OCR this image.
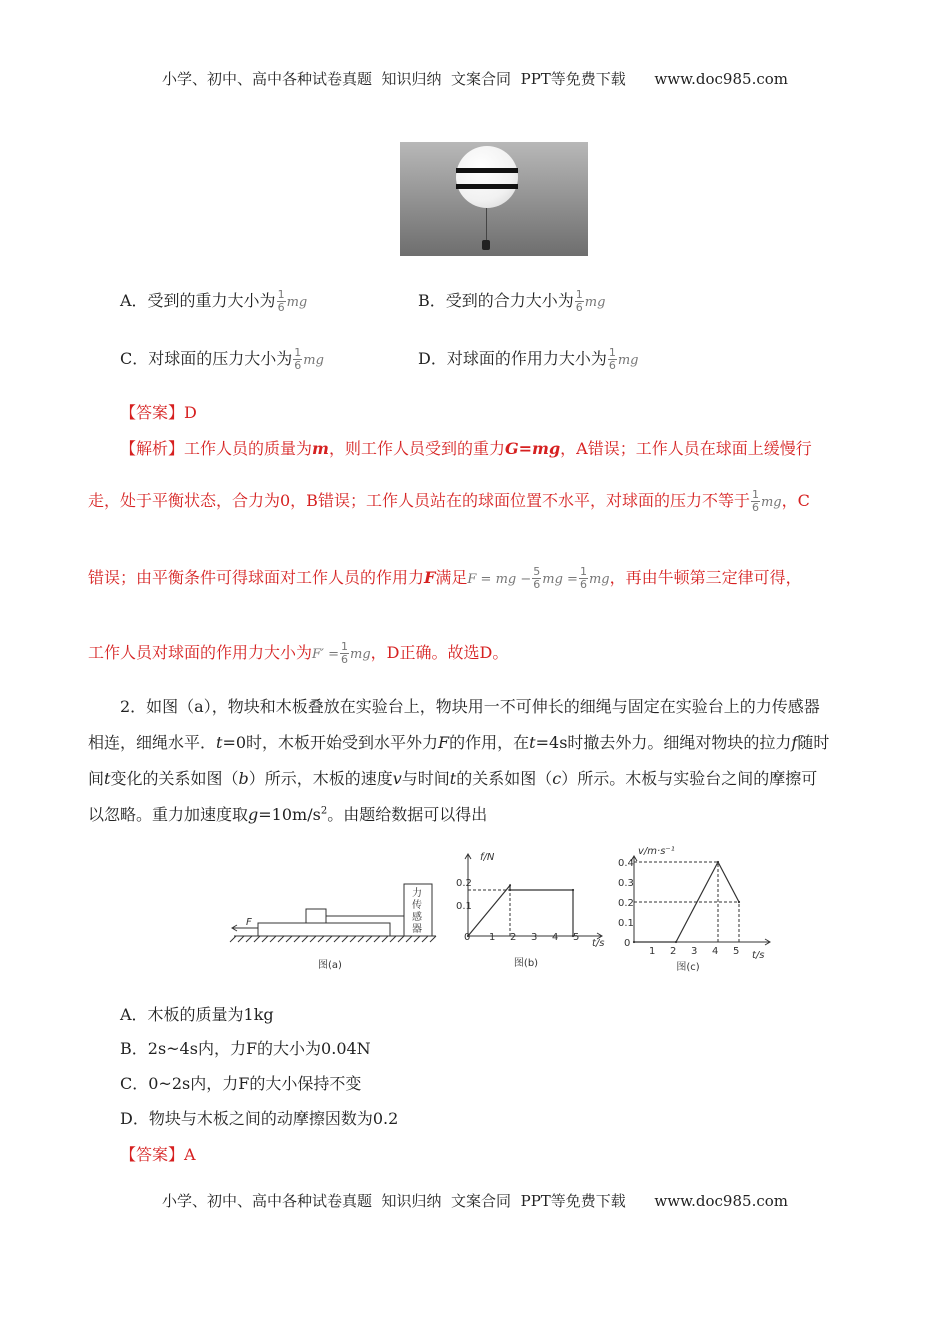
小学、初中、高中各种试卷真题  知识归纳  文案合同  PPT等免费下载      www.doc985.com
A．受到的重力大小为 $\frac{1}{6}$ mg	B．受到的合力大小为 $\frac{1}{6}$ mg
C．对球面的压力大小为 $\frac{1}{6}$ mg	D．对球面的作用力大小为 $\frac{1}{6}$ mg
【答案】D
【解析】工作人员的质量为m，则工作人员受到的重力G=mg，A错误；工作人员在球面上缓慢行
走，处于平衡状态，合力为0，B错误；工作人员站在的球面位置不水平，对球面的压力不等于 $\frac{1}{6}$ mg，C
错误；由平衡条件可得球面对工作人员的作用力F满足F = mg − $\frac{5}{6}$ mg = $\frac{1}{6}$ mg，再由牛顿第三定律可得，
工作人员对球面的作用力大小为$F' = \frac{1}{6}$ mg，D正确。故选D。
2．如图（a），物块和木板叠放在实验台上，物块用一不可伸长的细绳与固定在实验台上的力传感器
相连，细绳水平．t=0时，木板开始受到水平外力F的作用，在t=4s时撤去外力。细绳对物块的拉力f随时
间t变化的关系如图（b）所示，木板的速度v与时间t的关系如图（c）所示。木板与实验台之间的摩擦可
以忽略。重力加速度取$g=10m/s^2$。由题给数据可以得出
F
力
传
感
器
图(a)
f/N
t/s
0.2
0.1
0 1 2 3 4 5
图(b)
v/m·s⁻¹
t/s
0.4
0.3
0.2
0.1
0
1 2 3 4 5
图(c)
A．木板的质量为1kg
B．2s~4s内，力F的大小为0.04N
C．0~2s内，力F的大小保持不变
D．物块与木板之间的动摩擦因数为0.2
【答案】A
小学、初中、高中各种试卷真题  知识归纳  文案合同  PPT等免费下载      www.doc985.com
